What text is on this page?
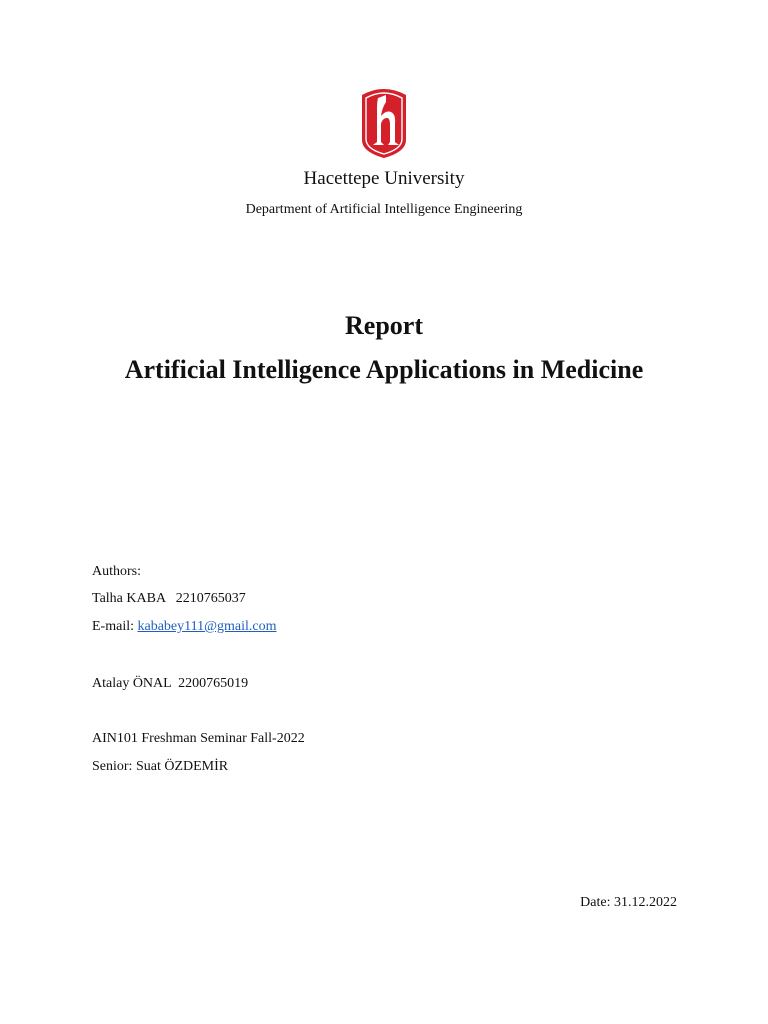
Hacettepe University
Department of Artificial Intelligence Engineering
Report
Artificial Intelligence Applications in Medicine
Authors:
Talha KABA   2210765037
E-mail: kababey111@gmail.com
Atalay ÖNAL  2200765019
AIN101 Freshman Seminar Fall-2022
Senior: Suat ÖZDEMİR
Date: 31.12.2022
